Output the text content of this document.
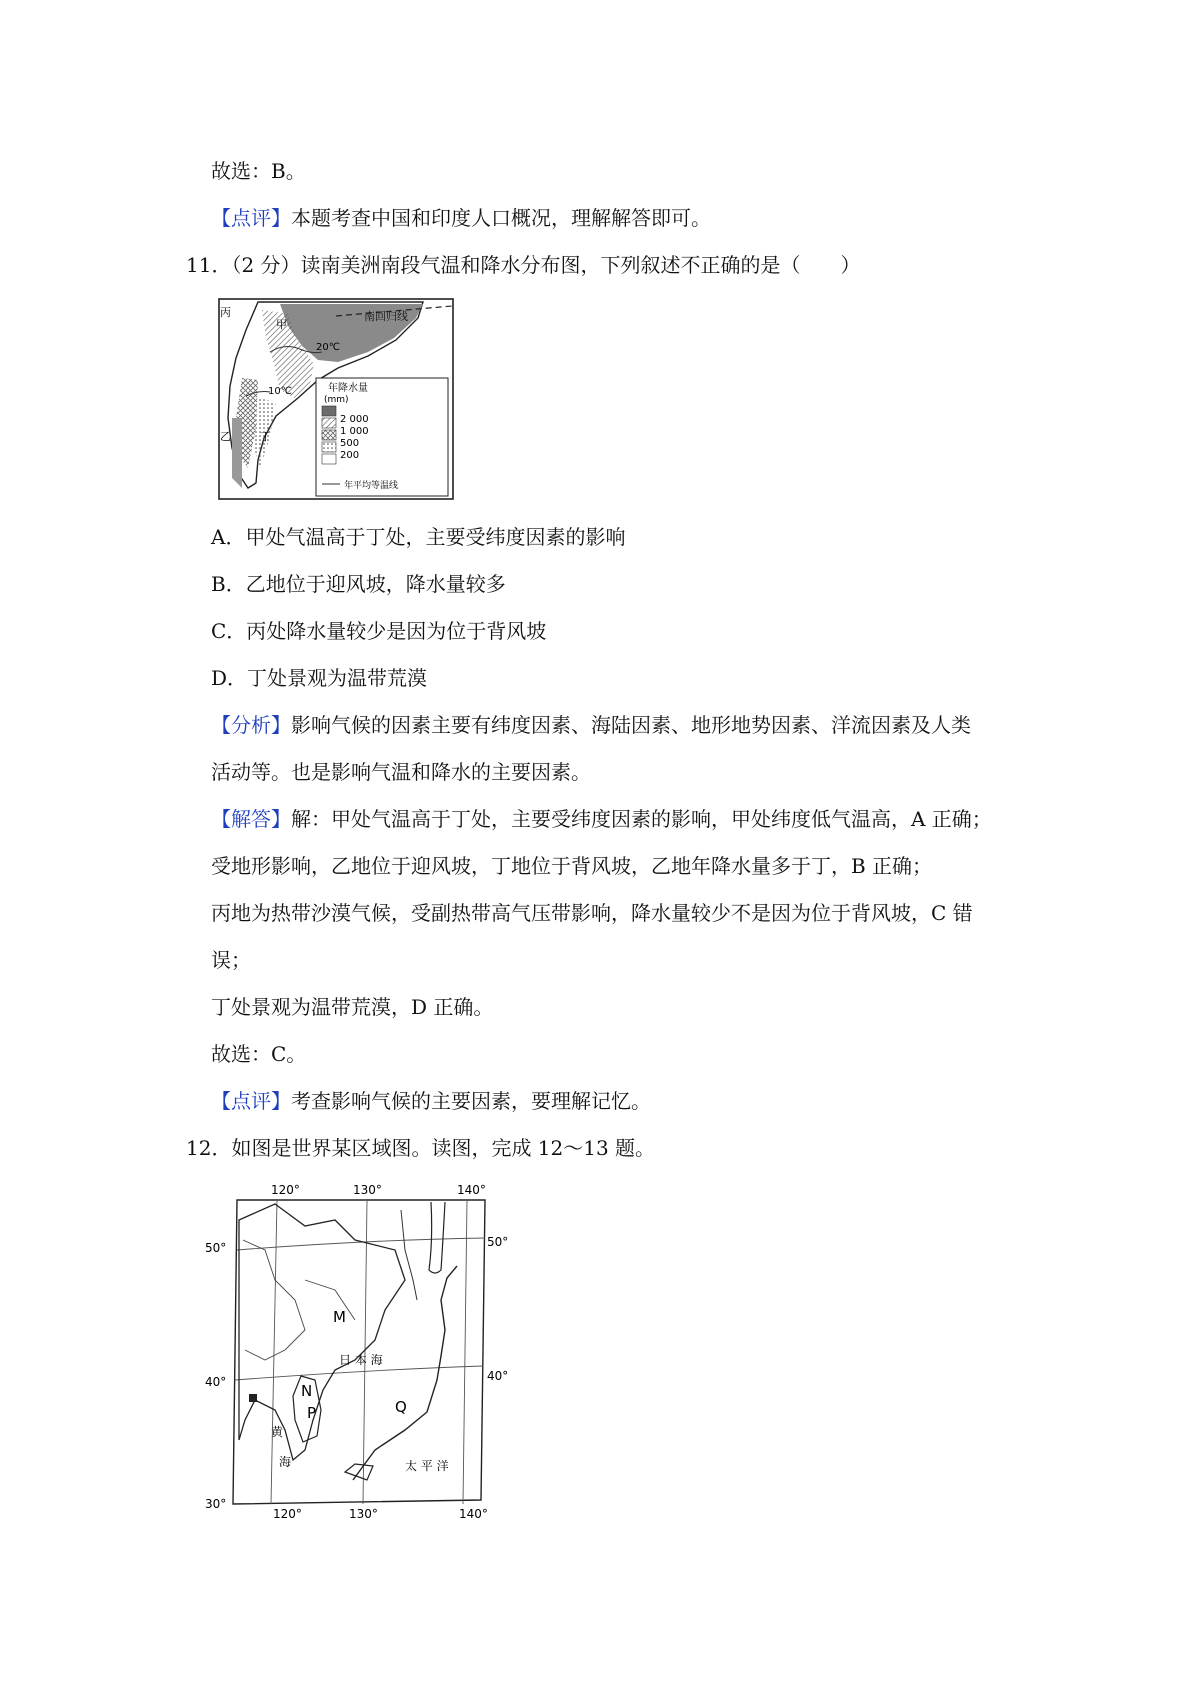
故选：B。
【点评】本题考查中国和印度人口概况，理解解答即可。
11．（2 分）读南美洲南段气温和降水分布图，下列叙述不正确的是（　　）
南回归线
20℃
10℃
甲
乙
丙
丁
年降水量
(mm)
2 000
1 000
500
200
年平均等温线
A．甲处气温高于丁处，主要受纬度因素的影响
B．乙地位于迎风坡，降水量较多
C．丙处降水量较少是因为位于背风坡
D．丁处景观为温带荒漠
【分析】影响气候的因素主要有纬度因素、海陆因素、地形地势因素、洋流因素及人类
活动等。也是影响气温和降水的主要因素。
【解答】解：甲处气温高于丁处，主要受纬度因素的影响，甲处纬度低气温高，A 正确；
受地形影响，乙地位于迎风坡，丁地位于背风坡，乙地年降水量多于丁，B 正确；
丙地为热带沙漠气候，受副热带高气压带影响，降水量较少不是因为位于背风坡，C 错
误；
丁处景观为温带荒漠，D 正确。
故选：C。
【点评】考查影响气候的主要因素，要理解记忆。
12．如图是世界某区域图。读图，完成 12～13 题。
120°	130°	140°
50°	50°
40°	40°
30°
120°	130°	140°
M
N
P	Q
日 本 海
黄
海	太 平 洋
